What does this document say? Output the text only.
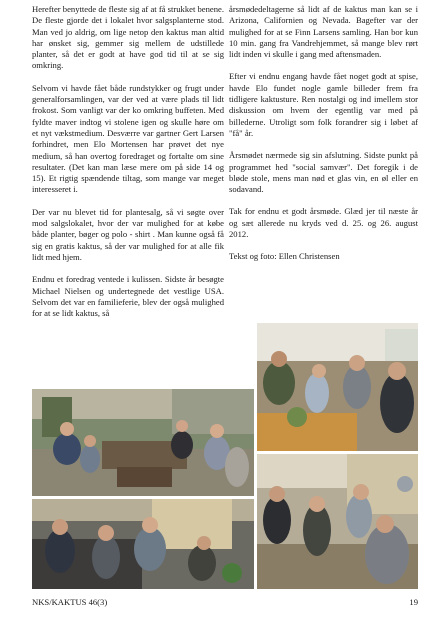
Herefter benyttede de fleste sig af at få strukket benene. De fleste gjorde det i lokalet hvor salgsplanterne stod. Man ved jo aldrig, om lige netop den kaktus man altid har ønsket sig, gemmer sig mellem de udstillede planter, så det er godt at have god tid til at se sig omkring.

Selvom vi havde fået både rundstykker og frugt under generalforsamlingen, var der ved at være plads til lidt frokost. Som vanligt var der ko omkring buffeten. Med fyldte maver indtog vi stolene igen og skulle høre om et nyt vækstmedium. Desværre var gartner Gert Larsen forhindret, men Elo Mortensen har prøvet det nye medium, så han overtog foredraget og fortalte om sine resultater. (Det kan man læse mere om på side 14 og 15). Et rigtig spændende tiltag, som mange var meget interesseret i.

Der var nu blevet tid for plantesalg, så vi søgte over mod salgslokalet, hvor der var mulighed for at købe både planter, bøger og polo - shirt . Man kunne også få sig en gratis kaktus, så der var mulighed for at alle fik lidt med hjem.

Endnu et foredrag ventede i kulissen. Sidste år besøgte Michael Nielsen og undertegnede det vestlige USA. Selvom det var en familieferie, blev der også mulighed for at se lidt kaktus, så

årsmødedeltagerne så lidt af de kaktus man kan se i Arizona, Californien og Nevada. Bagefter var der mulighed for at se Finn Larsens samling. Han bor kun 10 min. gang fra Vandrehjemmet, så mange blev rørt lidt inden vi skulle i gang med aftensmaden.

Efter vi endnu engang havde fået noget godt at spise, havde Elo fundet nogle gamle billeder frem fra tidligere kaktusture. Ren nostalgi og ind imellem stor diskussion om hvem der egentlig var med på billederne. Utroligt som folk forandrer sig i løbet af "få" år.

Årsmødet nærmede sig sin afslutning. Sidste punkt på programmet hed "social samvær". Det foregik i de bløde stole, mens man nød et glas vin, en øl eller en sodavand.

Tak for endnu et godt årsmøde. Glæd jer til næste år og sæt allerede nu kryds ved d. 25. og 26. august 2012.

Tekst og foto: Ellen Christensen

NKS/KAKTUS 46(3)	19
